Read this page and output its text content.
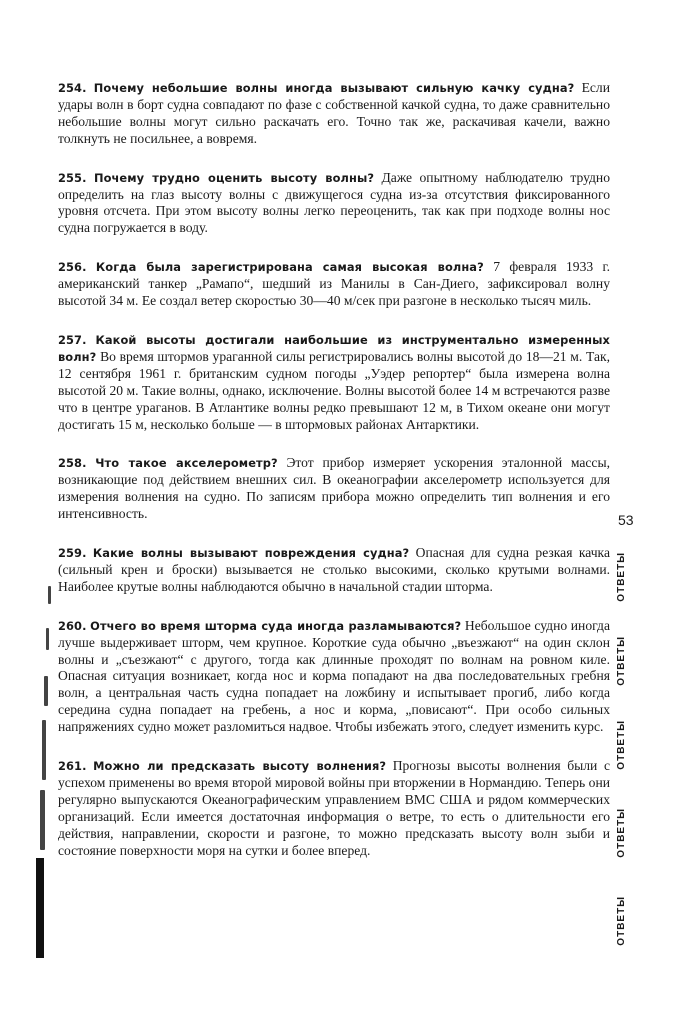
254. Почему небольшие волны иногда вызывают сильную качку судна? Если удары волн в борт судна совпадают по фазе с собственной качкой судна, то даже сравнительно небольшие волны могут сильно раскачать его. Точно так же, раскачивая качели, важно толкнуть не посильнее, а вовремя.

255. Почему трудно оценить высоту волны? Даже опытному наблюдателю трудно определить на глаз высоту волны с движущегося судна из-за отсутствия фиксированного уровня отсчета. При этом высоту волны легко переоценить, так как при подходе волны нос судна погружается в воду.

256. Когда была зарегистрирована самая высокая волна? 7 февраля 1933 г. американский танкер „Рамапо“, шедший из Манилы в Сан-Диего, зафиксировал волну высотой 34 м. Ее создал ветер скоростью 30—40 м/сек при разгоне в несколько тысяч миль.

257. Какой высоты достигали наибольшие из инструментально измеренных волн? Во время штормов ураганной силы регистрировались волны высотой до 18—21 м. Так, 12 сентября 1961 г. британским судном погоды „Уэдер репортер“ была измерена волна высотой 20 м. Такие волны, однако, исключение. Волны высотой более 14 м встречаются разве что в центре ураганов. В Атлантике волны редко превышают 12 м, в Тихом океане они могут достигать 15 м, несколько больше — в штормовых районах Антарктики.

258. Что такое акселерометр? Этот прибор измеряет ускорения эталонной массы, возникающие под действием внешних сил. В океанографии акселерометр используется для измерения волнения на судно. По записям прибора можно определить тип волнения и его интенсивность.

259. Какие волны вызывают повреждения судна? Опасная для судна резкая качка (сильный крен и броски) вызывается не столько высокими, сколько крутыми волнами. Наиболее крутые волны наблюдаются обычно в начальной стадии шторма.

260. Отчего во время шторма суда иногда разламываются? Небольшое судно иногда лучше выдерживает шторм, чем крупное. Короткие суда обычно „въезжают“ на один склон волны и „съезжают“ с другого, тогда как длинные проходят по волнам на ровном киле. Опасная ситуация возникает, когда нос и корма попадают на два последовательных гребня волн, а центральная часть судна попадает на ложбину и испытывает прогиб, либо когда середина судна попадает на гребень, а нос и корма, „повисают“. При особо сильных напряжениях судно может разломиться надвое. Чтобы избежать этого, следует изменить курс.

261. Можно ли предсказать высоту волнения? Прогнозы высоты волнения были с успехом применены во время второй мировой войны при вторжении в Нормандию. Теперь они регулярно выпускаются Океанографическим управлением ВМС США и рядом коммерческих организаций. Если имеется достаточная информация о ветре, то есть о длительности его действия, направлении, скорости и разгоне, то можно предсказать высоту волн зыби и состояние поверхности моря на сутки и более вперед.

53
ОТВЕТЫ
ОТВЕТЫ
ОТВЕТЫ
ОТВЕТЫ
ОТВЕТЫ
